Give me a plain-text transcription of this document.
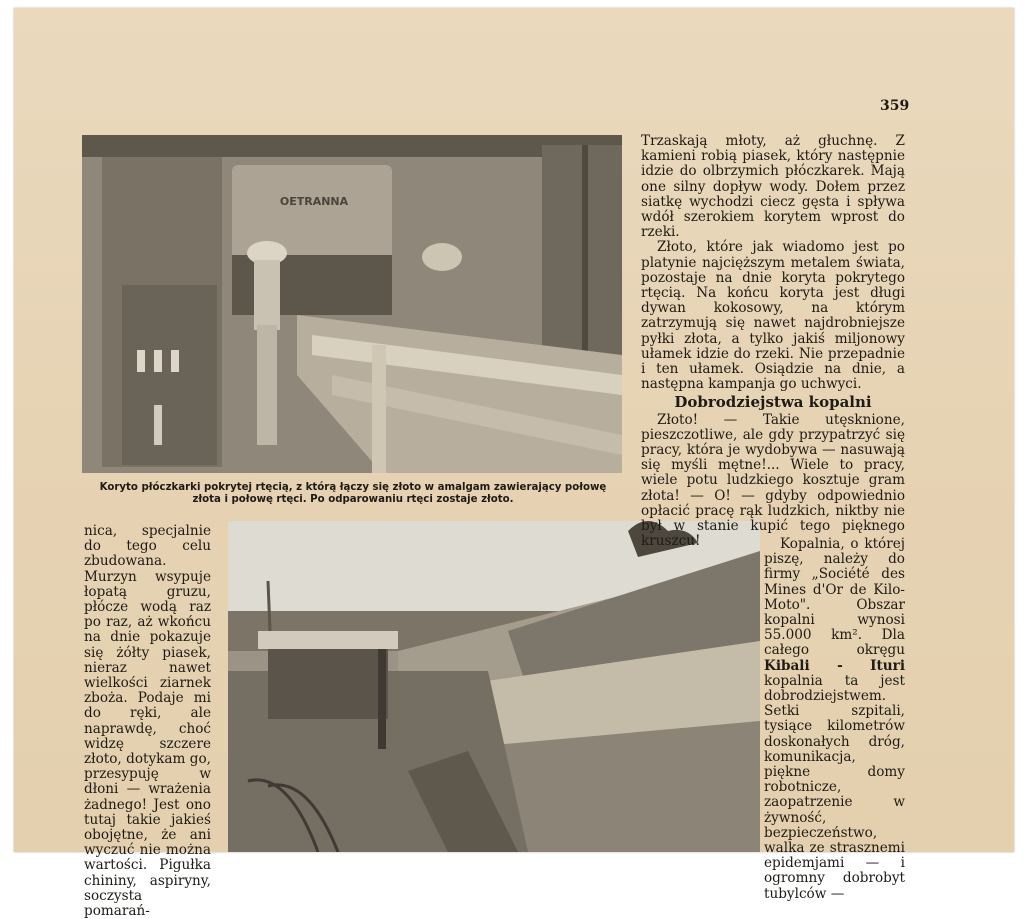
359
OETRANNA
Koryto płóczkarki pokrytej rtęcią, z którą łączy się złoto w amalgam zawierający połowę złota i połowę rtęci. Po odparowaniu rtęci zostaje złoto.

Trzaskają młoty, aż głuchnę. Z kamieni robią piasek, który następnie idzie do olbrzymich płóczkarek. Mają one silny dopływ wody. Dołem przez siatkę wychodzi ciecz gęsta i spływa wdół szerokiem korytem wprost do rzeki.

Złoto, które jak wiadomo jest po platynie najcięższym metalem świata, pozostaje na dnie koryta pokrytego rtęcią. Na końcu koryta jest długi dywan kokosowy, na którym zatrzymują się nawet najdrobniejsze pyłki złota, a tylko jakiś miljonowy ułamek idzie do rzeki. Nie przepadnie i ten ułamek. Osiądzie na dnie, a następna kampanja go uchwyci.

Dobrodziejstwa kopalni

Złoto! — Takie utęsknione, pieszczotliwe, ale gdy przypatrzyć się pracy, która je wydobywa — nasuwają się myśli mętne!... Wiele to pracy, wiele potu ludzkiego kosztuje gram złota! — O! — gdyby odpowiednio opłacić pracę rąk ludzkich, niktby nie był w stanie kupić tego pięknego kruszcu!	Kopalnia, o której piszę, należy do firmy „Société des Mines d'Or de Kilo-Moto". Obszar kopalni wynosi 55.000 km². Dla całego okręgu Kibali - Ituri kopalnia ta jest dobrodziejstwem. Setki szpitali, tysiące kilometrów doskonałych dróg, komunikacja, piękne domy robotnicze, zaopatrzenie w żywność, bezpieczeństwo, walka ze strasznemi epidemjami — i ogromny dobrobyt tubylców —

nica, specjalnie do tego celu zbudowana. Murzyn wsypuje łopatą gruzu, płócze wodą raz po raz, aż wkońcu na dnie pokazuje się żółty piasek, nieraz nawet wielkości ziarnek zboża. Podaje mi do ręki, ale naprawdę, choć widzę szczere złoto, dotykam go, przesypuję w dłoni — wrażenia żadnego! Jest ono tutaj takie jakieś obojętne, że ani wyczuć nie można wartości. Pigułka chininy, aspiryny, soczysta pomarań-
